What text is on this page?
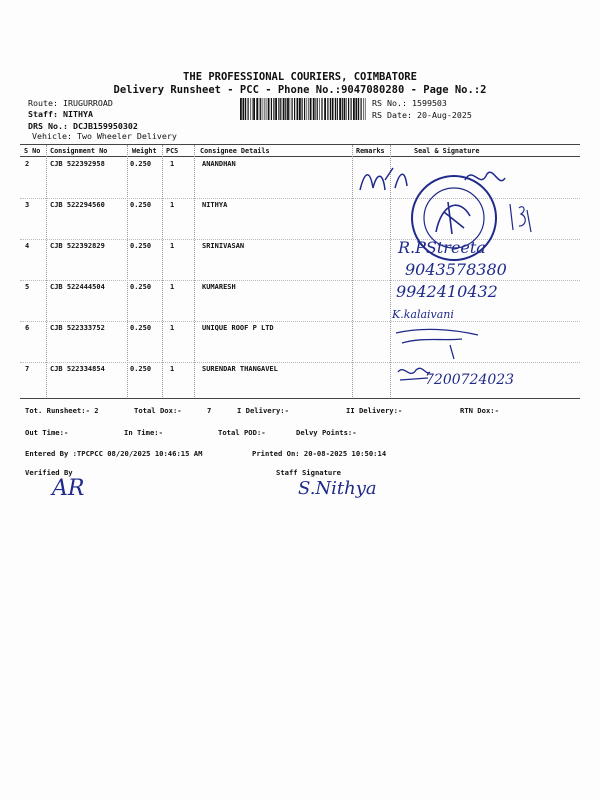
THE PROFESSIONAL COURIERS, COIMBATORE
Delivery Runsheet - PCC - Phone No.:9047080280 - Page No.:2
Route: IRUGURROAD
Staff: NITHYA
DRS No.: DCJB159950302
Vehicle: Two Wheeler Delivery
RS No.: 1599503
RS Date: 20-Aug-2025
S No Consignment No	Weight PCS	Consignee Details	Remarks	Seal & Signature
2	CJB 522392958	0.250	1	ANANDHAN
3	CJB 522294560	0.250	1	NITHYA
4	CJB 522392829	0.250	1	SRINIVASAN
5	CJB 522444504	0.250	1	KUMARESH
6	CJB 522333752	0.250	1	UNIQUE ROOF P LTD
7	CJB 522334854	0.250	1	SURENDAR THANGAVEL
Tot. Runsheet:- 2	Total Dox:-	7	I Delivery:-	II Delivery:-	RTN Dox:-
Out Time:-	In Time:-	Total POD:-	Delvy Points:-
Entered By :TPCPCC 08/20/2025 10:46:15 AM	Printed On: 20-08-2025 10:50:14
Verified By	Staff Signature
R.PStreeta
9043578380
9942410432
K.kalaivani
7200724023
S.Nithya
AR
